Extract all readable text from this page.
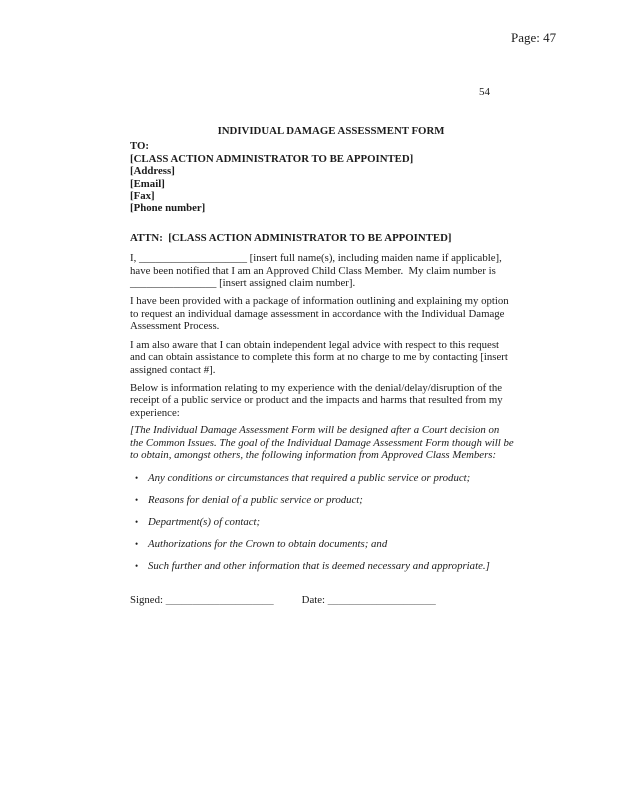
Page: 47
54
INDIVIDUAL DAMAGE ASSESSMENT FORM
TO:
[CLASS ACTION ADMINISTRATOR TO BE APPOINTED]
[Address]
[Email]
[Fax]
[Phone number]
ATTN:  [CLASS ACTION ADMINISTRATOR TO BE APPOINTED]

I, ____________________ [insert full name(s), including maiden name if applicable], have been notified that I am an Approved Child Class Member.  My claim number is ________________ [insert assigned claim number].

I have been provided with a package of information outlining and explaining my option to request an individual damage assessment in accordance with the Individual Damage Assessment Process.

I am also aware that I can obtain independent legal advice with respect to this request and can obtain assistance to complete this form at no charge to me by contacting [insert assigned contact #].

Below is information relating to my experience with the denial/delay/disruption of the receipt of a public service or product and the impacts and harms that resulted from my experience:

[The Individual Damage Assessment Form will be designed after a Court decision on the Common Issues. The goal of the Individual Damage Assessment Form though will be to obtain, amongst others, the following information from Approved Class Members:

• Any conditions or circumstances that required a public service or product;
• Reasons for denial of a public service or product;
• Department(s) of contact;
• Authorizations for the Crown to obtain documents; and
• Such further and other information that is deemed necessary and appropriate.]
Signed: ____________________	Date: ____________________
